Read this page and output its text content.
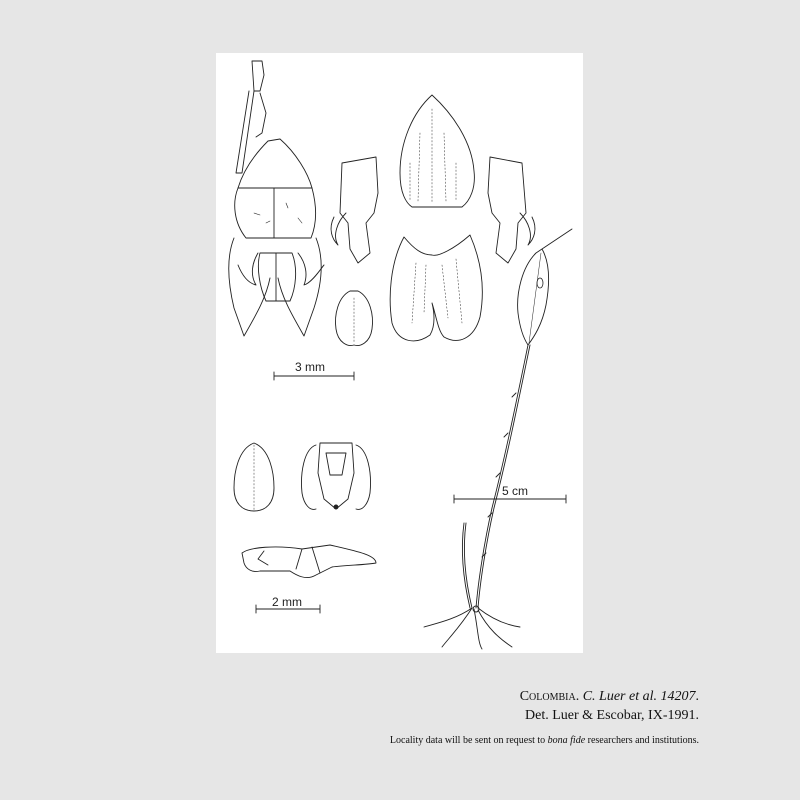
3 mm
5 cm
2 mm
Colombia. C. Luer et al. 14207.
Det. Luer & Escobar, IX-1991.
Locality data will be sent on request to bona fide researchers and institutions.
